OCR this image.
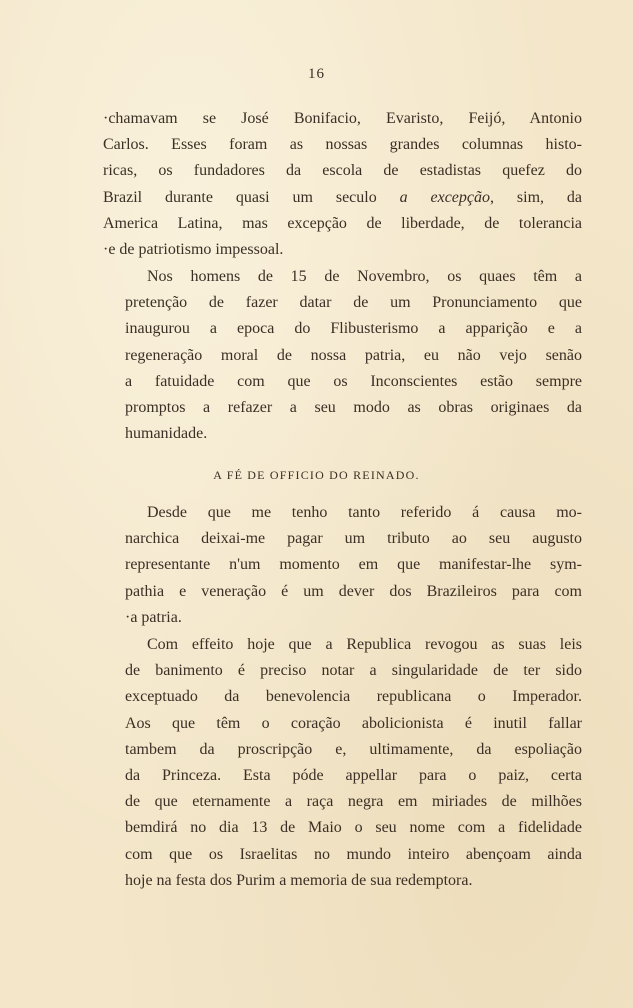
16
·chamavam se José Bonifacio, Evaristo, Feijó, Antonio
Carlos. Esses foram as nossas grandes columnas histo-
ricas, os fundadores da escola de estadistas quefez do
Brazil durante quasi um seculo a excepção, sim, da
America Latina, mas excepção de liberdade, de tolerancia
·e de patriotismo impessoal.
Nos homens de 15 de Novembro, os quaes têm a
pretenção de fazer datar de um Pronunciamento que
inaugurou a epoca do Flibusterismo a apparição e a
regeneração moral de nossa patria, eu não vejo senão
a fatuidade com que os Inconscientes estão sempre
promptos a refazer a seu modo as obras originaes da
humanidade.
A FÉ DE OFFICIO DO REINADO.
Desde que me tenho tanto referido á causa mo-
narchica deixai-me pagar um tributo ao seu augusto
representante n'um momento em que manifestar-lhe sym-
pathia e veneração é um dever dos Brazileiros para com
·a patria.
Com effeito hoje que a Republica revogou as suas leis
de banimento é preciso notar a singularidade de ter sido
exceptuado da benevolencia republicana o Imperador.
Aos que têm o coração abolicionista é inutil fallar
tambem da proscripção e, ultimamente, da espoliação
da Princeza. Esta póde appellar para o paiz, certa
de que eternamente a raça negra em miriades de milhões
bemdirá no dia 13 de Maio o seu nome com a fidelidade
com que os Israelitas no mundo inteiro abenҫoam ainda
hoje na festa dos Purim a memoria de sua redemptora.
